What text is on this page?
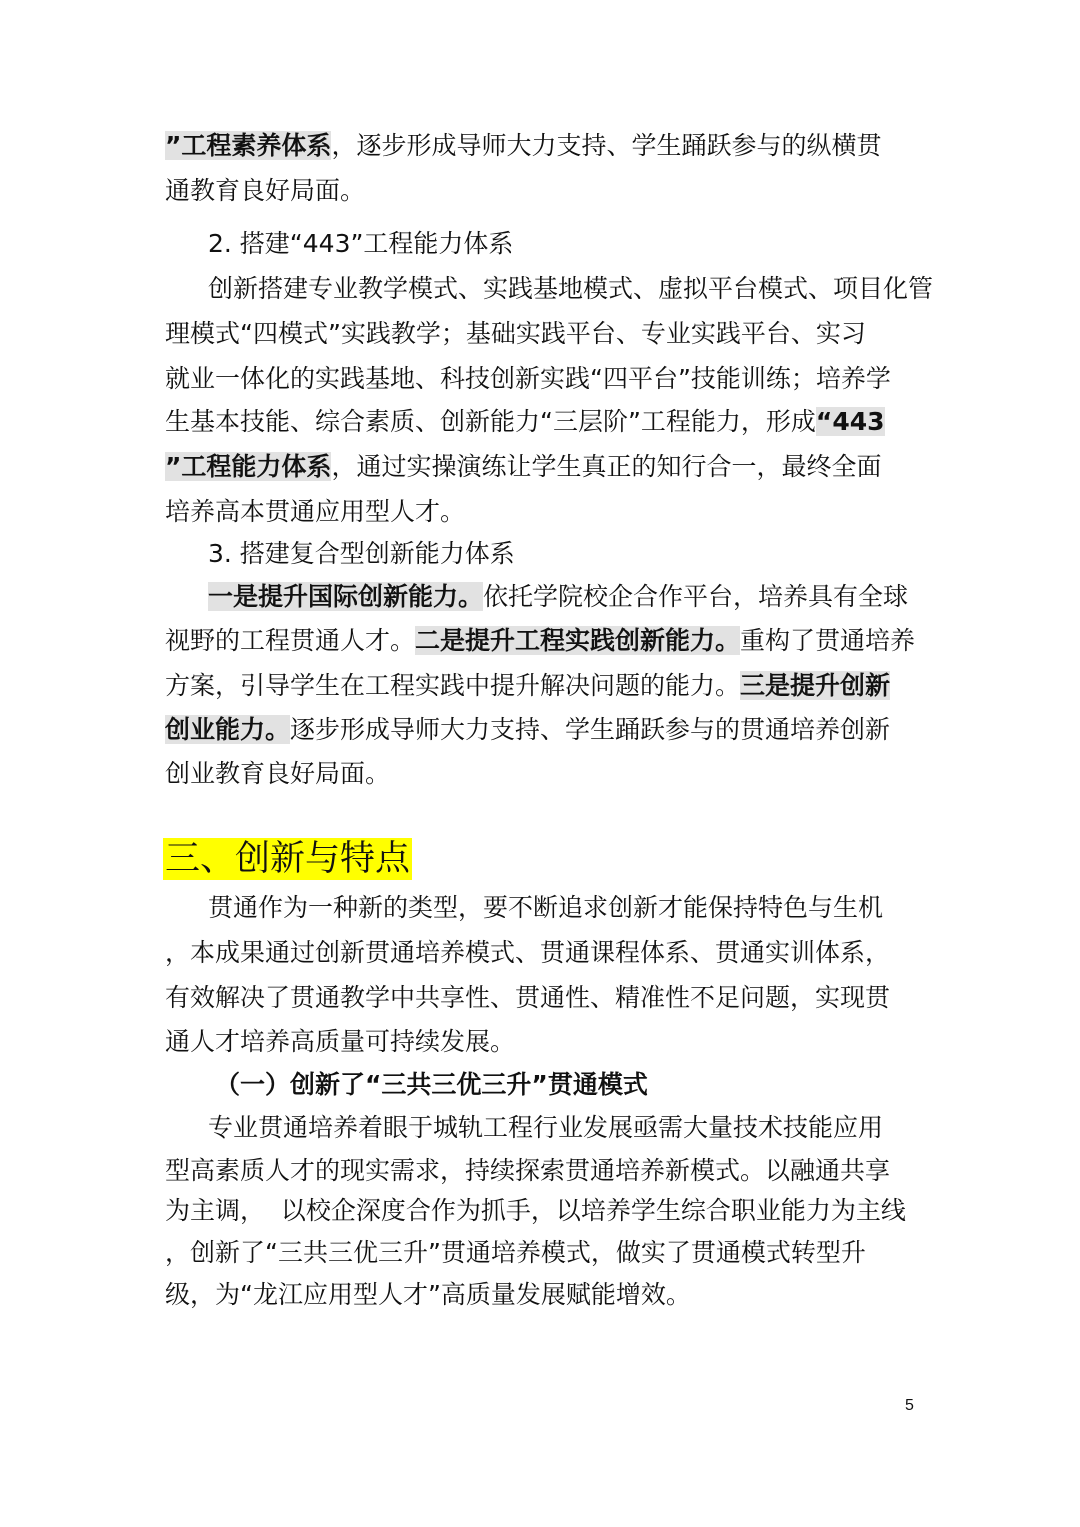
”工程素养体系，逐步形成导师大力支持、学生踊跃参与的纵横贯
通教育良好局面。
2. 搭建“443”工程能力体系
创新搭建专业教学模式、实践基地模式、虚拟平台模式、项目化管
理模式“四模式”实践教学；基础实践平台、专业实践平台、实习
就业一体化的实践基地、科技创新实践“四平台”技能训练；培养学
生基本技能、综合素质、创新能力“三层阶”工程能力，形成“443
”工程能力体系，通过实操演练让学生真正的知行合一，最终全面
培养高本贯通应用型人才。
3. 搭建复合型创新能力体系
一是提升国际创新能力。依托学院校企合作平台，培养具有全球
视野的工程贯通人才。二是提升工程实践创新能力。重构了贯通培养
方案，引导学生在工程实践中提升解决问题的能力。三是提升创新
创业能力。逐步形成导师大力支持、学生踊跃参与的贯通培养创新
创业教育良好局面。
三、创新与特点
贯通作为一种新的类型，要不断追求创新才能保持特色与生机
，本成果通过创新贯通培养模式、贯通课程体系、贯通实训体系，
有效解决了贯通教学中共享性、贯通性、精准性不足问题，实现贯
通人才培养高质量可持续发展。
（一）创新了“三共三优三升”贯通模式
专业贯通培养着眼于城轨工程行业发展亟需大量技术技能应用
型高素质人才的现实需求，持续探索贯通培养新模式。以融通共享
为主调，  以校企深度合作为抓手，以培养学生综合职业能力为主线
，创新了“三共三优三升”贯通培养模式，做实了贯通模式转型升
级，为“龙江应用型人才”高质量发展赋能增效。
5
